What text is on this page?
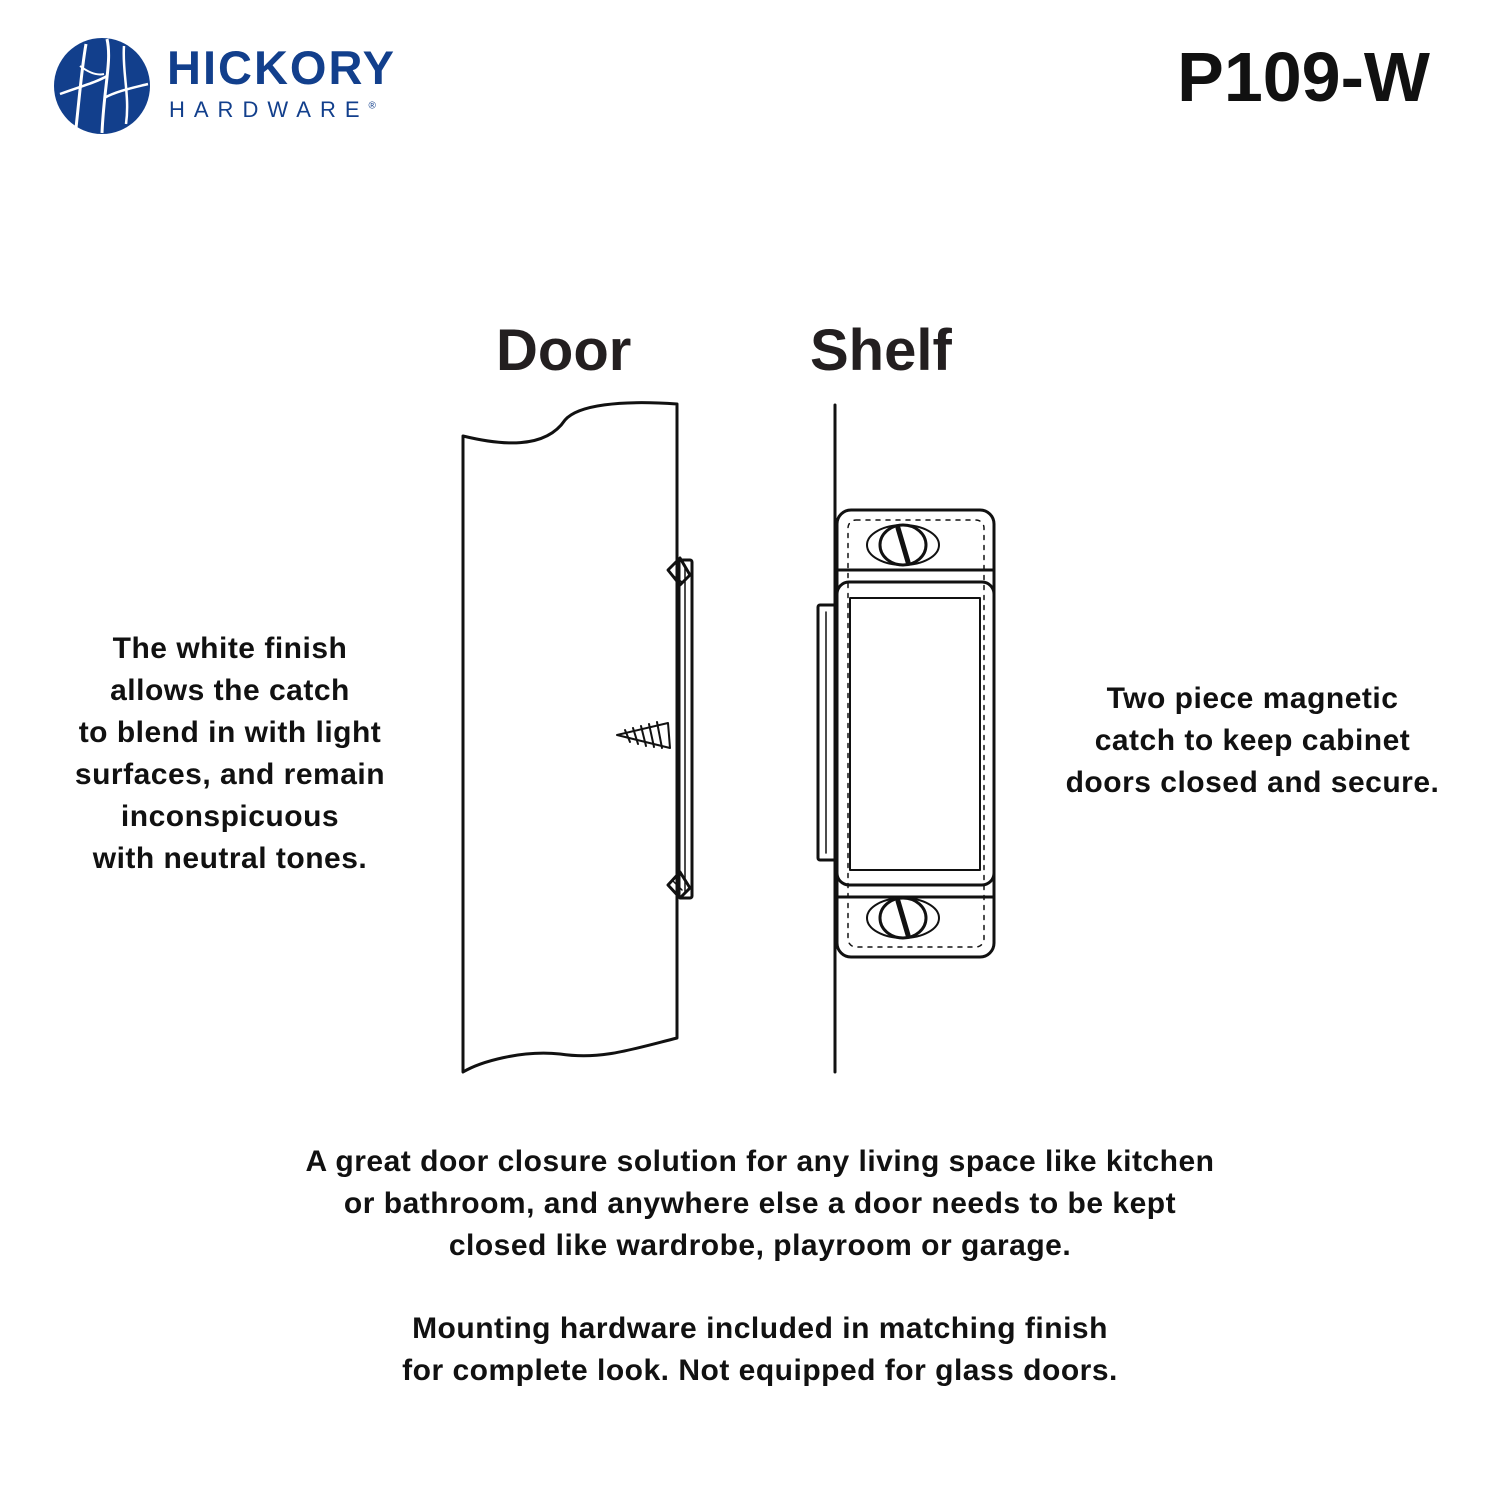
HICKORY
HARDWARE®	P109-W
Door	Shelf
The white finish
allows the catch
to blend in with light
surfaces, and remain
inconspicuous
with neutral tones.
Two piece magnetic
catch to keep cabinet
doors closed and secure.
A great door closure solution for any living space like kitchen
or bathroom, and anywhere else a door needs to be kept
closed like wardrobe, playroom or garage.
Mounting hardware included in matching finish
for complete look. Not equipped for glass doors.
